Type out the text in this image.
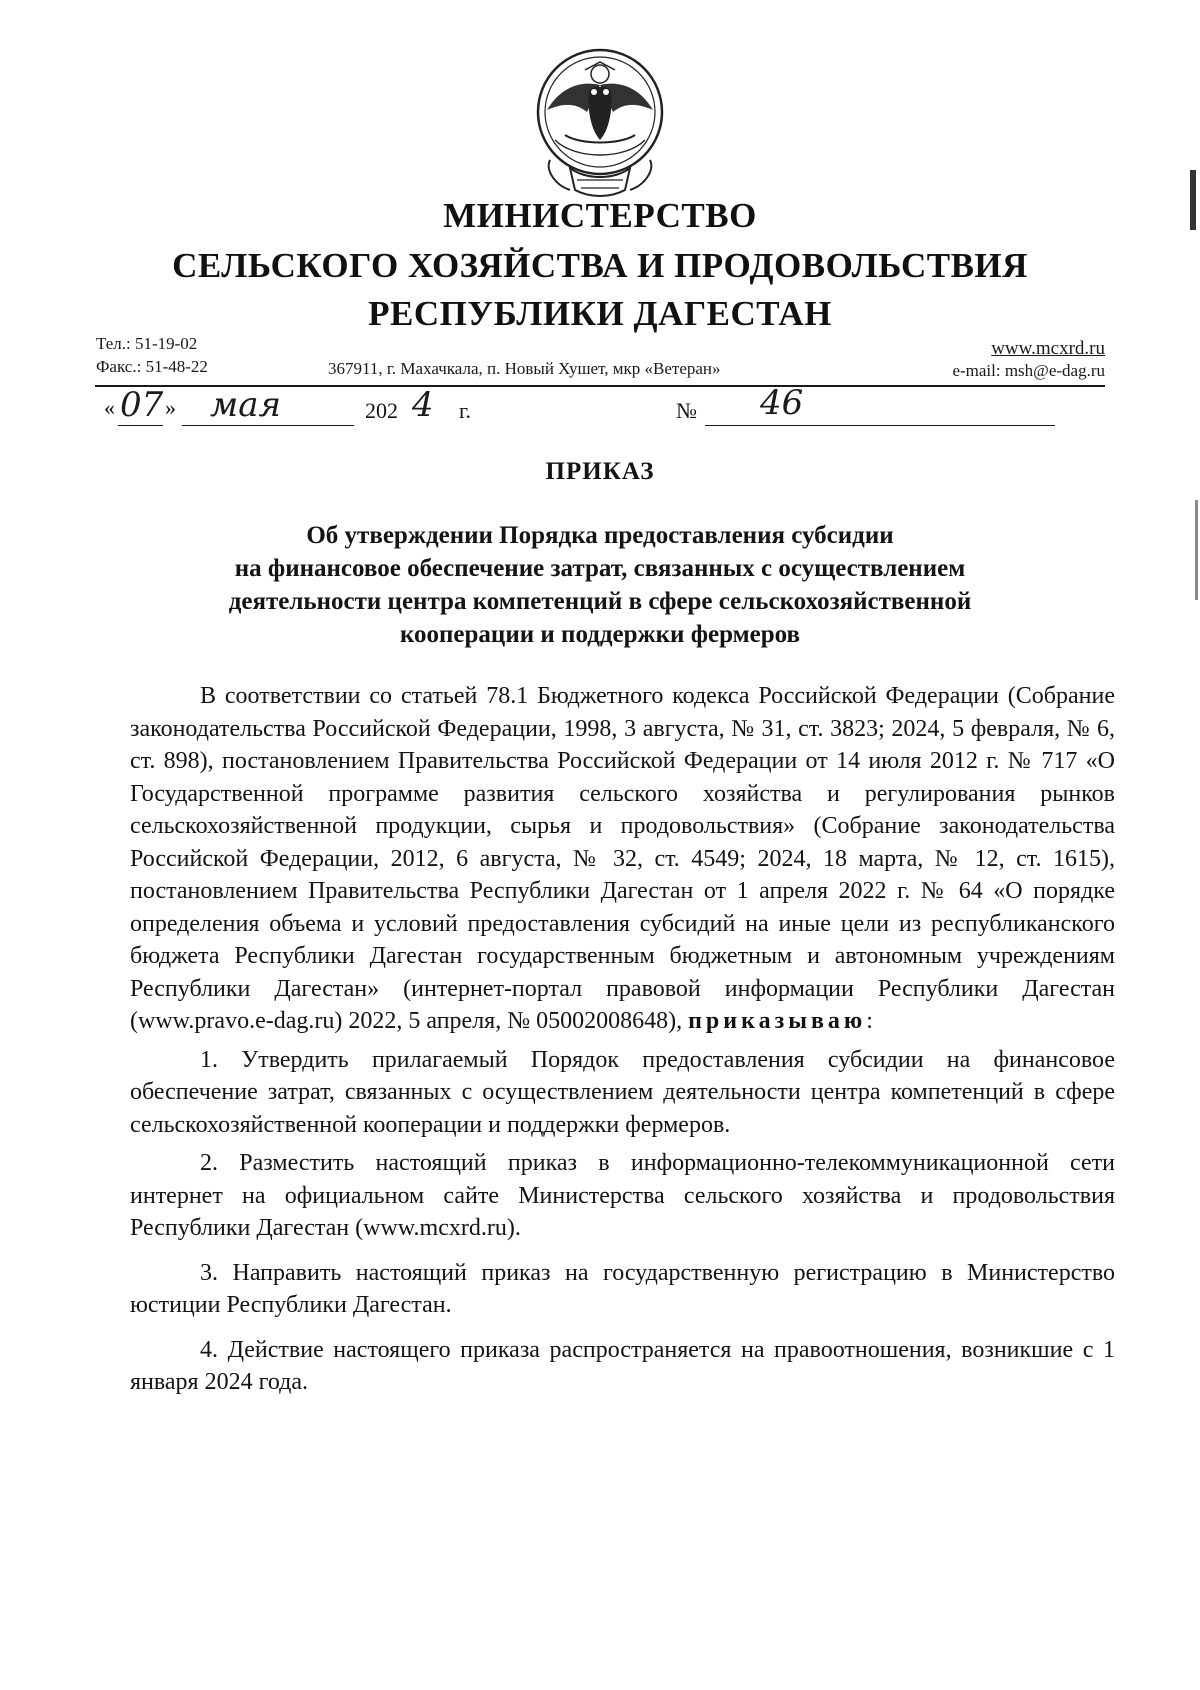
МИНИСТЕРСТВО
СЕЛЬСКОГО ХОЗЯЙСТВА И ПРОДОВОЛЬСТВИЯ
РЕСПУБЛИКИ ДАГЕСТАН
Тел.: 51-19-02
Факс.: 51-48-22	367911, г. Махачкала, п. Новый Хушет, мкр «Ветеран»
www.mcxrd.ru
e-mail: msh@e-dag.ru
« 07 » мая	202 4 г.	№ 46
ПРИКАЗ
Об утверждении Порядка предоставления субсидии
на финансовое обеспечение затрат, связанных с осуществлением
деятельности центра компетенций в сфере сельскохозяйственной
кооперации и поддержки фермеров

В соответствии со статьей 78.1 Бюджетного кодекса Российской Федерации (Собрание законодательства Российской Федерации, 1998, 3 августа, № 31, ст. 3823; 2024, 5 февраля, № 6, ст. 898), постановлением Правительства Российской Федерации от 14 июля 2012 г. № 717 «О Государственной программе развития сельского хозяйства и регулирования рынков сельскохозяйственной продукции, сырья и продовольствия» (Собрание законодательства Российской Федерации, 2012, 6 августа, № 32, ст. 4549; 2024, 18 марта, № 12, ст. 1615), постановлением Правительства Республики Дагестан от 1 апреля 2022 г. № 64 «О порядке определения объема и условий предоставления субсидий на иные цели из республиканского бюджета Республики Дагестан государственным бюджетным и автономным учреждениям Республики Дагестан» (интернет-портал правовой информации Республики Дагестан (www.pravo.e-dag.ru) 2022, 5 апреля, № 05002008648), приказываю:

1. Утвердить прилагаемый Порядок предоставления субсидии на финансовое обеспечение затрат, связанных с осуществлением деятельности центра компетенций в сфере сельскохозяйственной кооперации и поддержки фермеров.

2. Разместить настоящий приказ в информационно-телекоммуникационной сети интернет на официальном сайте Министерства сельского хозяйства и продовольствия Республики Дагестан (www.mcxrd.ru).

3. Направить настоящий приказ на государственную регистрацию в Министерство юстиции Республики Дагестан.

4. Действие настоящего приказа распространяется на правоотношения, возникшие с 1 января 2024 года.
